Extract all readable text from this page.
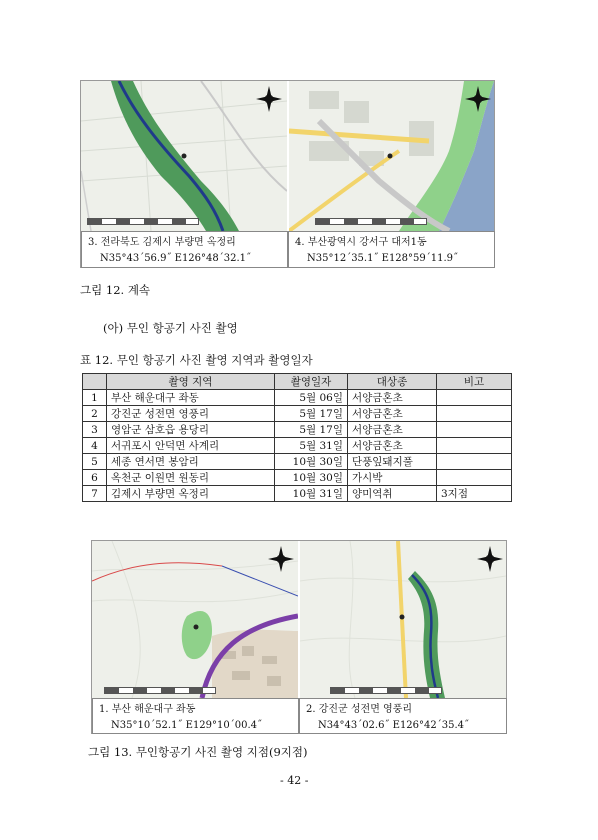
3. 전라북도 김제시 부량면 옥정리
N35°43´56.9˝ E126°48´32.1˝
4. 부산광역시 강서구 대저1동
N35°12´35.1˝ E128°59´11.9˝
그림 12. 계속
(아) 무인 항공기 사진 촬영
표 12. 무인 항공기 사진 촬영 지역과 촬영일자
	촬영 지역	촬영일자	대상종	비고
1	부산 해운대구 좌동	5월 06일	서양금혼초	
2	강진군 성전면 영풍리	5월 17일	서양금혼초	
3	영암군 삼호읍 용당리	5월 17일	서양금혼초	
4	서귀포시 안덕면 사계리	5월 31일	서양금혼초	
5	세종 연서면 봉암리	10월 30일	단풍잎돼지풀	
6	옥천군 이원면 원동리	10월 30일	가시박	
7	김제시 부량면 옥정리	10월 31일	양미역취	3지점
1. 부산 해운대구 좌동
N35°10´52.1˝ E129°10´00.4˝
2. 강진군 성전면 영풍리
N34°43´02.6˝ E126°42´35.4˝
그림 13. 무인항공기 사진 촬영 지점(9지점)
- 42 -
